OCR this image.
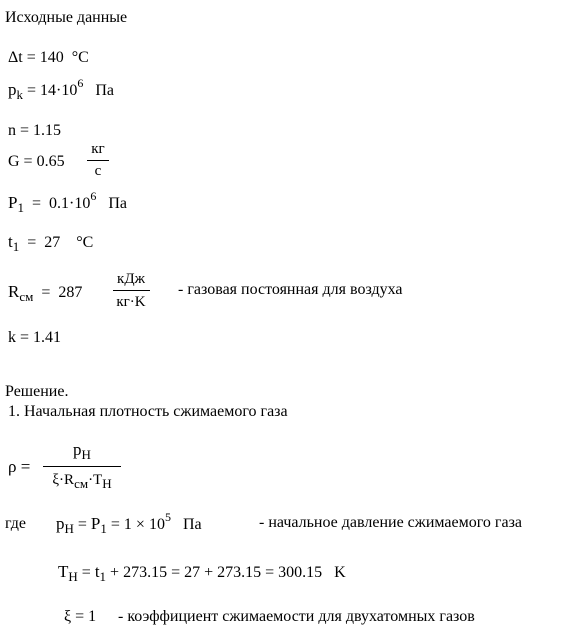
Исходные данные
Δt = 140 °C
$p_k = 14\cdot 10^6$ Па
n = 1.15
G = 0.65
кг
с
$P_1 = 0.1\cdot 10^6$ Па
$t_1 = 27$ °C
$R_{см} = 287$
кДж
кг·K
- газовая постоянная для воздуха
k = 1.41
Решение.
1. Начальная плотность сжимаемого газа
ρ =
$p_H$
$\xi\cdot R_{см}\cdot T_H$
где $p_H = P_1 = 1 \times 10^5$ Па	- начальное давление сжимаемого газа
$T_H = t_1 + 273.15 = 27 + 273.15 = 300.15$ K
ξ = 1 - коэффициент сжимаемости для двухатомных газов
